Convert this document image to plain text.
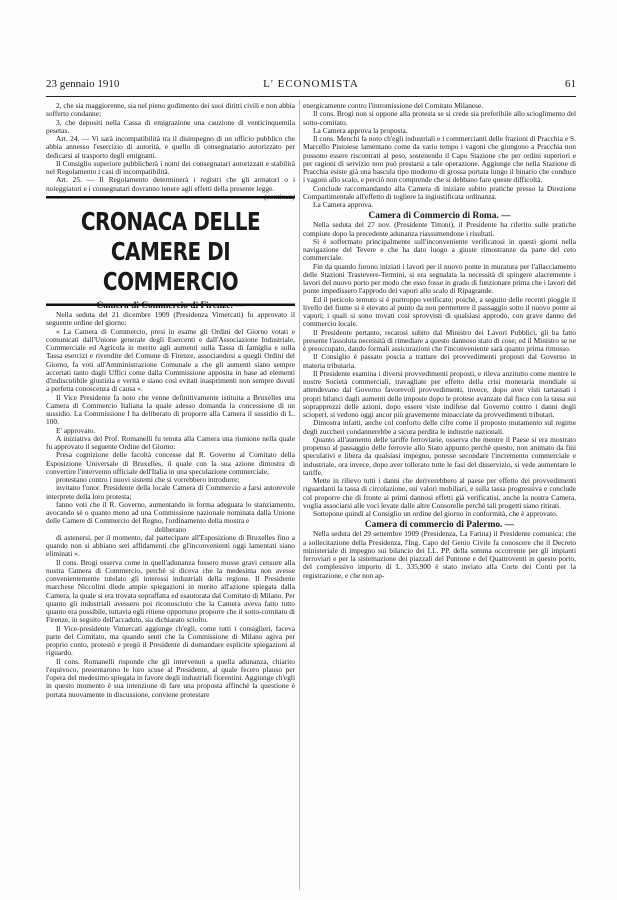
23 gennaio 1910	L' ECONOMISTA	61

2, che sia maggiorenne, sia nel pieno godimento dei suoi diritti civili e non abbia sofferto condanne;

3, che depositi nella Cassa di emigrazione una cauzione di venticinquemila pesetas.

Art. 24. — Vi sarà incompatibilità tra il disimpegno di un ufficio pubblico che abbia annesso l'esercizio di autorità, e quello di consegnatario autorizzato per dedicarsi al trasporto degli emigranti.

Il Consiglio superiore pubblicherà i nomi dei consegnatari autorizzati e stabilirà nel Regolamento i casi di incompatibilità.

Art. 25. — Il Regolamento determinerà i registri che gli armatori o i noleggiatori e i consegnatari dovranno tenere agli effetti della presente legge.

(continua)

CRONACA DELLE CAMERE DI COMMERCIO
Camera di Commercio di Firenze. —

Nella seduta del 21 dicembre 1909 (Presidenza Vimercati) fu approvato il seguente ordine del giorno:

« La Camera di Commercio, presi in esame gli Ordini del Giorno votati e comunicati dall'Unione generale degli Esercenti e dall'Associazione Industriale, Commerciale ed Agricola in merito agli aumenti sulla Tassa di famiglia e sulla Tassa esercizi e rivendite del Comune di Firenze, associandosi a quegli Ordini del Giorno, fa voti all'Amministrazione Comunale a che gli aumenti siano sempre accertati tanto dagli Uffici come dalla Commissione apposita in base ad elementi d'indiscutibile giustizia e verità e siano così evitati inasprimenti non sempre dovuti a perfetta conoscenza di causa ».

Il Vice Presidente fa noto che venne definitivamente istituita a Bruxelles una Camera di Commercio Italiana la quale adesso domanda la concessione di un sussidio. La Commissione I ha deliberato di proporre alla Camera il sussidio di L. 100.

E' approvato.

A iniziativa del Prof. Romanelli fu tenuta alla Camera una riunione nella quale fu approvato il seguente Ordine del Giorno:

Presa cognizione delle facoltà concesse dal R. Governo al Comitato della Esposizione Universale di Bruxelles, il quale con la sua azione dimostra di convertire l'intervento ufficiale dell'Italia in una speculazione commerciale,

protestano contro i nuovi sistemi che si vorrebbero introdurre;

invitano l'onor. Presidente della locale Camera di Commercio a farsi autorevole interprete della loro protesta;

fanno voti che il R. Governo, aumentando in forma adeguata lo stanziamento, avocando sè o quanto meno ad una Commissione nazionale nominata dalla Unione delle Camere di Commercio del Regno, l'ordinamento della mostra e

deliberano

di astenersi, per il momento, dal partecipare all'Esposizione di Bruxelles fino a quando non si abbiano seri affidamenti che gl'inconvenienti oggi lamentati siano eliminati ».

Il cons. Brogi osserva come in quell'adunanza fossero mosse gravi censure alla nostra Camera di Commercio, perchè si diceva che la medesima non avesse convenientemente tutelato gli interessi industriali della regione. Il Presidente marchese Niccolini diede ampie spiegazioni in merito all'azione spiegata dalla Camera, la quale si era trovata sopraffatta ed esautorata dal Comitato di Milano. Per quanto gli industriali avessero poi riconosciuto che la Camera aveva fatto tutto quanto era possibile, tuttavia egli ritiene opportuno proporre che il sotto-comitato di Firenze, in seguito dell'accaduto, sia dichiarato sciolto.

Il Vice-presidente Vimercati aggiunge ch'egli, come tutti i consiglieri, faceva parte del Comitato, ma quando sentì che la Commissione di Milano agiva per proprio conto, protestò e pregò il Presidente di domandare esplicite spiegazioni al riguardo.

Il cons. Romanelli risponde che gli intervenuti a quella adunanza, chiarito l'equivoco, presentarono le loro scuse al Presidente, al quale fecero plauso per l'opera del medesimo spiegata in favore degli industriali fiorentini. Aggiunge ch'egli in questo momento è sua intenzione di fare una proposta affinchè la questione è portata nuovamente in discussione, conviene protestare

energicamente contro l'intromissione del Comitato Milanese.

Il cons. Brogi non si oppone alla protesta se si crede sia preferibile allo scioglimento del sotto-comitato.

La Camera approva la proposta.

Il cons. Menchi fa noto ch'egli industriali e i commercianti delle frazioni di Pracchia e S. Marcello Pistoiese lamentano come da vario tempo i vagoni che giungono a Pracchia non possono essere riscontrati al peso, sostenendo il Capo Stazione che per ordini superiori e per ragioni di servizio non può prestarsi a tale operazione. Aggiunge che nella Stazione di Pracchia esiste già una bascula tipo moderno di grossa portata lungo il binario che conduce i vagoni allo scalo, e perciò non comprende che si debbano fare queste difficoltà.

Conclude raccomandando alla Camera di iniziare subito pratiche presso la Direzione Compartimentale all'effetto di togliere la ingiustificata ordinanza.

La Camera approva.

Camera di Commercio di Roma. —

Nella seduta del 27 nov. (Presidente Tittoni), il Presidente ha riferito sulle pratiche compiute dopo la precedente adunanza riassumendone i risultati.

Si è soffermato principalmente sull'inconveniente verificatosi in questi giorni nella navigazione del Tevere e che ha dato luogo a giuste rimostranze da parte del ceto commerciale.

Fin da quando furono iniziati i lavori per il nuovo ponte in muratura per l'allacciamento delle Stazioni Trastevere-Termini, si era segnalata la necessità di spingere alacremente i lavori del nuovo porto per modo che esso fosse in grado di funzionare prima che i lavori del ponte impedissero l'approdo dei vapori allo scalo di Ripagrande.

Ed il pericolo temuto si è purtroppo verificato; poichè, a seguito delle recenti pioggie il livello del fiume si è elevato al punto da non permettere il passaggio sotto il nuovo ponte ai vapori; i quali si sono trovati così sprovvisti di qualsiasi approdo, con grave danno del commercio locale.

Il Presidente pertanto, recatosi subito dal Ministro dei Lavori Pubblici, gli ha fatto presente l'assoluta necessità di rimediare a questo dannoso stato di cose; ed il Ministro se ne è preoccupato, dando formali assicurazioni che l'inconveniente sarà quanto prima rimosso.

Il Consiglio è passato poscia a trattare dei provvedimenti proposti dal Governo in materia tributaria.

Il Presidente esamina i diversi provvedimenti proposti, e rileva anzitutto come mentre le nostre Società commerciali, travagliate per effetto della crisi monetaria mondiale si attendevano dal Governo favorevoli provvedimenti, invece, dopo aver visti tartassati i propri bilanci dagli aumenti delle imposte dopo le protese avanzate dal fisco con la tassa sui soprapprezzi delle azioni, dopo essere viste indifese dal Governo contro i danni degli scioperi, si vedono oggi ancor più gravemente minacciate da provvedimenti tributari.

Dimostra infatti, anche col conforto delle cifre come il proposto mutamento sul regime degli zuccheri condannerebbe a sicura perdita le industrie nazionali.

Quanto all'aumento delle tariffe ferroviarie, osserva che mentre il Paese si era mostrato propenso al passaggio delle ferrovie allo Stato appunto perchè questo, non animato da fini speculativi e libera da qualsiasi impegno, potesse secondare l'incremento commerciale e industriale, ora invece, dopo aver tollerato tutte le fasi del disservizio, si vede aumentare le tariffe.

Mette in rilievo tutti i danni che deriverebbero al paese per effetto dei provvedimenti riguardanti la tassa di circolazione, sui valori mobiliari, e sulla tassa progressiva e conclude col proporre che di fronte ai primi dannosi effetti già verificatisi, anche la nostra Camera, voglia associarsi alle voci levate dalle altre Consorelle perchè tali progetti siano ritirati.

Sottopone quindi al Consiglio un ordine del giorno in conformità, che è approvato.

Camera di commercio di Palermo. —

Nella seduta del 29 settembre 1909 (Presidenza, La Farina) il Presidente comunica: che a sollecitazione della Presidenza, l'Ing. Capo del Genio Civile fa conoscere che il Decreto ministeriale di impegno sui bilancio dei LL. PP. della somma occorrente per gli impianti ferroviari e per la sistemazione dei piazzali del Puntone e del Quattroventi in questo porto, del complessivo importo di L. 335,900 è stato inviato alla Corte dei Conti per la registrazione, e che non ap-
